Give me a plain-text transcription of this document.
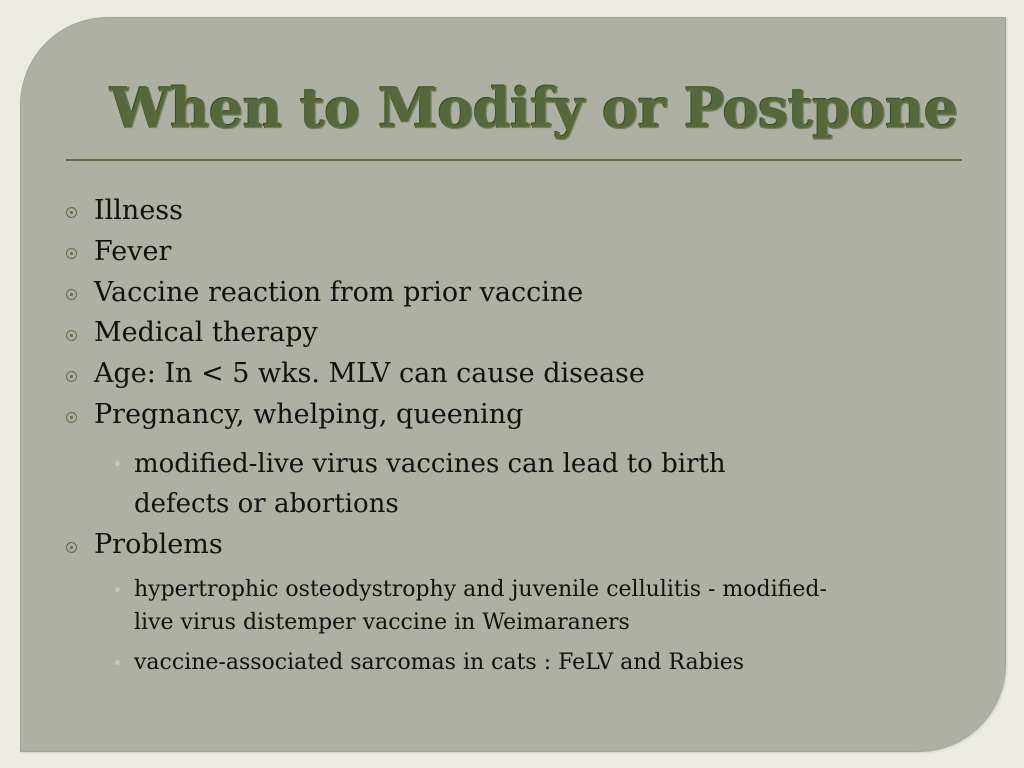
When to Modify or Postpone
Illness
Fever
Vaccine reaction from prior vaccine
Medical therapy
Age: In < 5 wks. MLV can cause disease
Pregnancy, whelping, queening
modified-live virus vaccines can lead to birth
defects or abortions
Problems
hypertrophic osteodystrophy and juvenile cellulitis - modified-
live virus distemper vaccine in Weimaraners
vaccine-associated sarcomas in cats : FeLV and Rabies
